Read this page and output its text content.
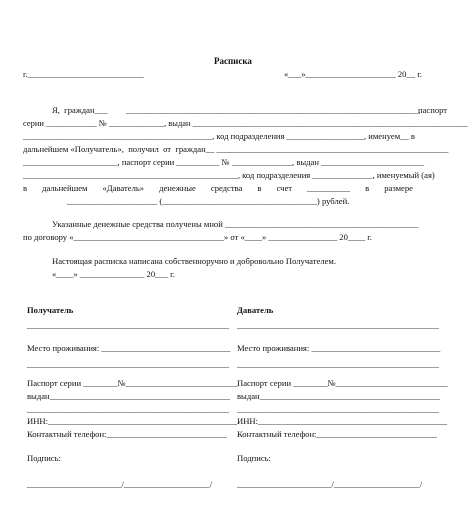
Расписка
г.___________________________	«___»_____________________ 20__ г.
Я,  граждан___ ____________________________________________________________________,
паспорт
серии ____________ № _____________, выдан _________________________________________________________________
____________________________________________, код подразделения __________________, именуем__ в
дальнейшем «Получатель»,  получил  от  граждан__ ______________________________________________________
______________________, паспорт серии __________ № ______________, выдан ________________________
__________________________________________________, код подразделения ______________, именуемый (ая)
в       дальнейшем       «Даватель»       денежные       средства       в       счет       __________       в       размере
_____________________ (____________________________________) рублей.
Указанные денежные средства получены мной _____________________________________________
по договору «___________________________________» от «____» ________________ 20____ г.
Настоящая расписка написана собственноручно и добровольно Получателем.
«____» _______________ 20___ г.
Получатель
_______________________________________________
Место проживания: ______________________________
_______________________________________________
Паспорт серии ________№__________________________
выдан__________________________________________
_______________________________________________
ИНН:____________________________________________
Контактный телефон:____________________________
Подпись:
______________________/____________________/
Даватель
_______________________________________________
Место проживания: ______________________________
_______________________________________________
Паспорт серии ________№__________________________
выдан__________________________________________
_______________________________________________
ИНН:____________________________________________
Контактный телефон:____________________________
Подпись:
______________________/____________________/
